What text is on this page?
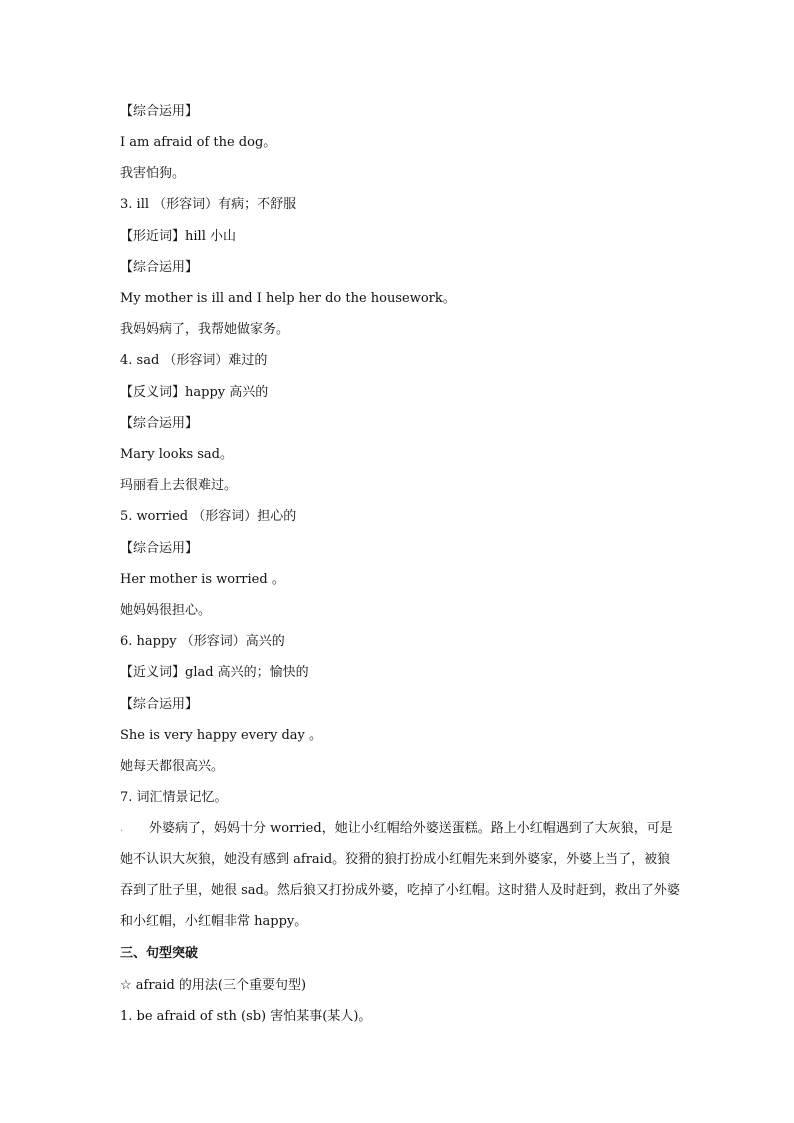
【综合运用】
I am afraid of the dog。
我害怕狗。
3. ill （形容词）有病；不舒服
【形近词】hill 小山
【综合运用】
My mother is ill and I help her do the housework。
我妈妈病了，我帮她做家务。
4. sad （形容词）难过的
【反义词】happy 高兴的
【综合运用】
Mary looks sad。
玛丽看上去很难过。
5. worried （形容词）担心的
【综合运用】
Her mother is worried 。
她妈妈很担心。
6. happy （形容词）高兴的
【近义词】glad 高兴的；愉快的
【综合运用】
She is very happy every day 。
她每天都很高兴。
7. 词汇情景记忆。
.	外婆病了，妈妈十分 worried，她让小红帽给外婆送蛋糕。路上小红帽遇到了大灰狼，可是她不认识大灰狼，她没有感到 afraid。狡猾的狼打扮成小红帽先来到外婆家，外婆上当了，被狼吞到了肚子里，她很 sad。然后狼又打扮成外婆，吃掉了小红帽。这时猎人及时赶到，救出了外婆和小红帽，小红帽非常 happy。
三、句型突破
☆ afraid 的用法(三个重要句型)
1. be afraid of sth (sb) 害怕某事(某人)。
